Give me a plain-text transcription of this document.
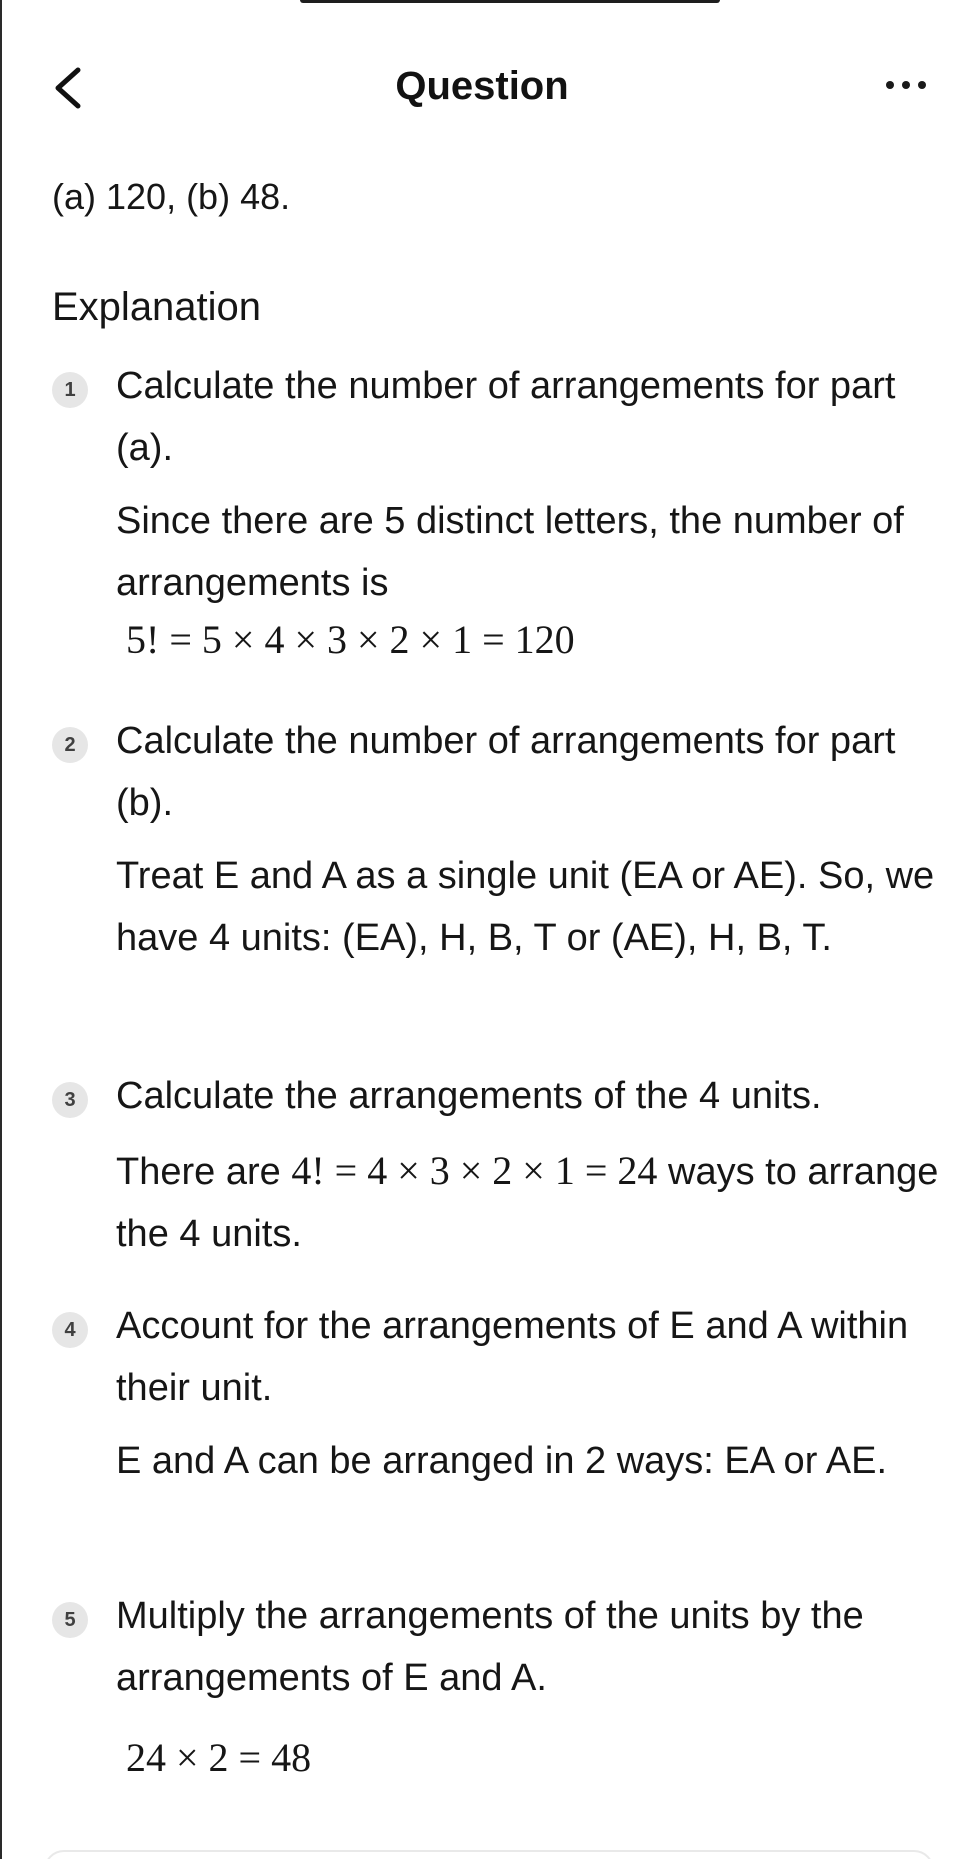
Question
(a) 120, (b) 48.
Explanation
1	Calculate the number of arrangements for part (a).
Since there are 5 distinct letters, the number of arrangements is
5! = 5 × 4 × 3 × 2 × 1 = 120
2	Calculate the number of arrangements for part (b).
Treat E and A as a single unit (EA or AE). So, we have 4 units: (EA), H, B, T or (AE), H, B, T.
3	Calculate the arrangements of the 4 units.
There are 4! = 4 × 3 × 2 × 1 = 24 ways to arrange the 4 units.
4	Account for the arrangements of E and A within their unit.
E and A can be arranged in 2 ways: EA or AE.
5	Multiply the arrangements of the units by the arrangements of E and A.
24 × 2 = 48
